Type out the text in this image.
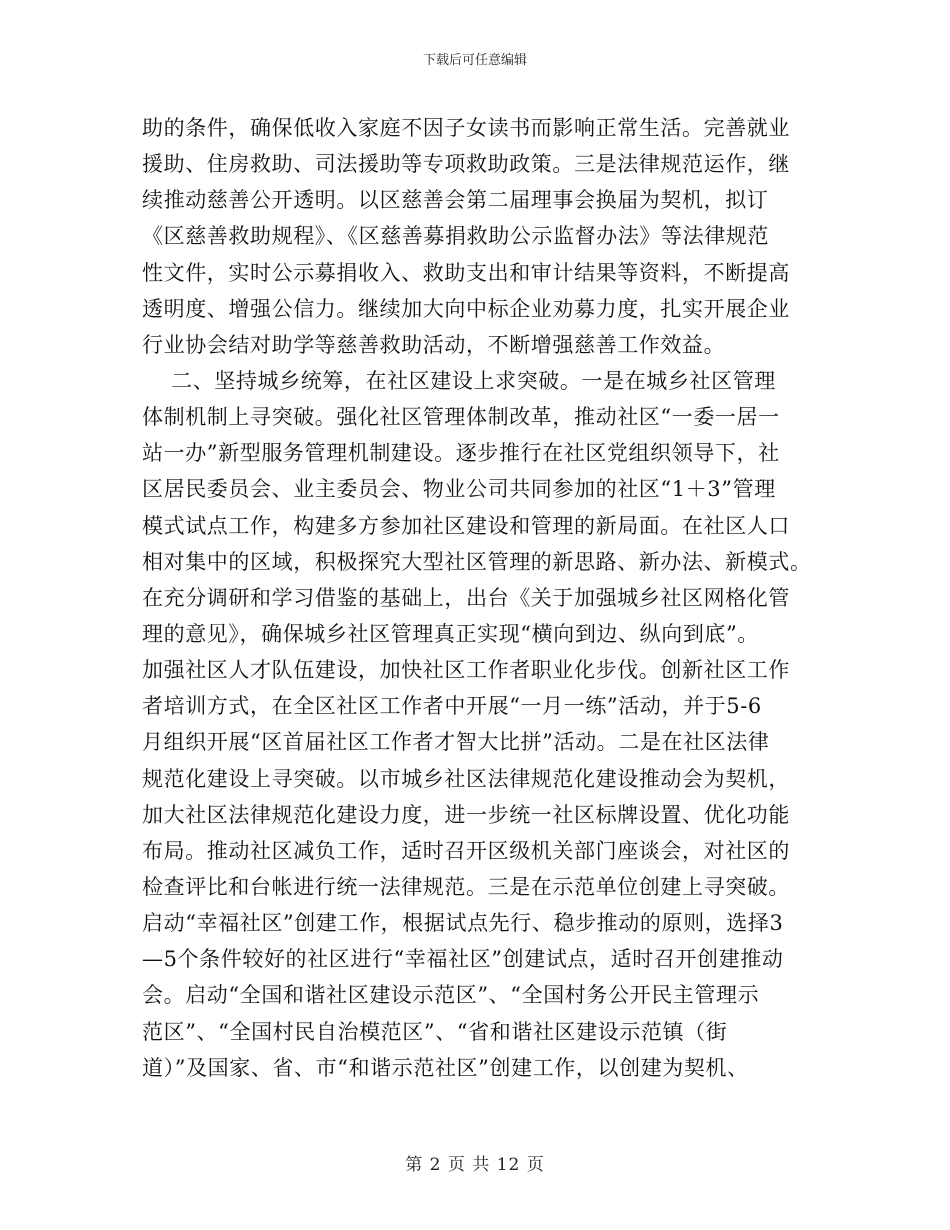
下载后可任意编辑
助的条件，确保低收入家庭不因子女读书而影响正常生活。完善就业
援助、住房救助、司法援助等专项救助政策。三是法律规范运作，继
续推动慈善公开透明。以区慈善会第二届理事会换届为契机，拟订
《区慈善救助规程》、《区慈善募捐救助公示监督办法》等法律规范
性文件，实时公示募捐收入、救助支出和审计结果等资料，不断提高
透明度、增强公信力。继续加大向中标企业劝募力度，扎实开展企业
行业协会结对助学等慈善救助活动，不断增强慈善工作效益。
二、坚持城乡统筹，在社区建设上求突破。一是在城乡社区管理
体制机制上寻突破。强化社区管理体制改革，推动社区“一委一居一
站一办”新型服务管理机制建设。逐步推行在社区党组织领导下，社
区居民委员会、业主委员会、物业公司共同参加的社区“1＋3”管理
模式试点工作，构建多方参加社区建设和管理的新局面。在社区人口
相对集中的区域，积极探究大型社区管理的新思路、新办法、新模式。
在充分调研和学习借鉴的基础上，出台《关于加强城乡社区网格化管
理的意见》，确保城乡社区管理真正实现“横向到边、纵向到底”。
加强社区人才队伍建设，加快社区工作者职业化步伐。创新社区工作
者培训方式，在全区社区工作者中开展“一月一练”活动，并于5-6
月组织开展“区首届社区工作者才智大比拼”活动。二是在社区法律
规范化建设上寻突破。以市城乡社区法律规范化建设推动会为契机，
加大社区法律规范化建设力度，进一步统一社区标牌设置、优化功能
布局。推动社区减负工作，适时召开区级机关部门座谈会，对社区的
检查评比和台帐进行统一法律规范。三是在示范单位创建上寻突破。
启动“幸福社区”创建工作，根据试点先行、稳步推动的原则，选择3
—5个条件较好的社区进行“幸福社区”创建试点，适时召开创建推动
会。启动“全国和谐社区建设示范区”、“全国村务公开民主管理示
范区”、“全国村民自治模范区”、“省和谐社区建设示范镇（街
道）”及国家、省、市“和谐示范社区”创建工作，以创建为契机、
第 2 页 共 12 页
